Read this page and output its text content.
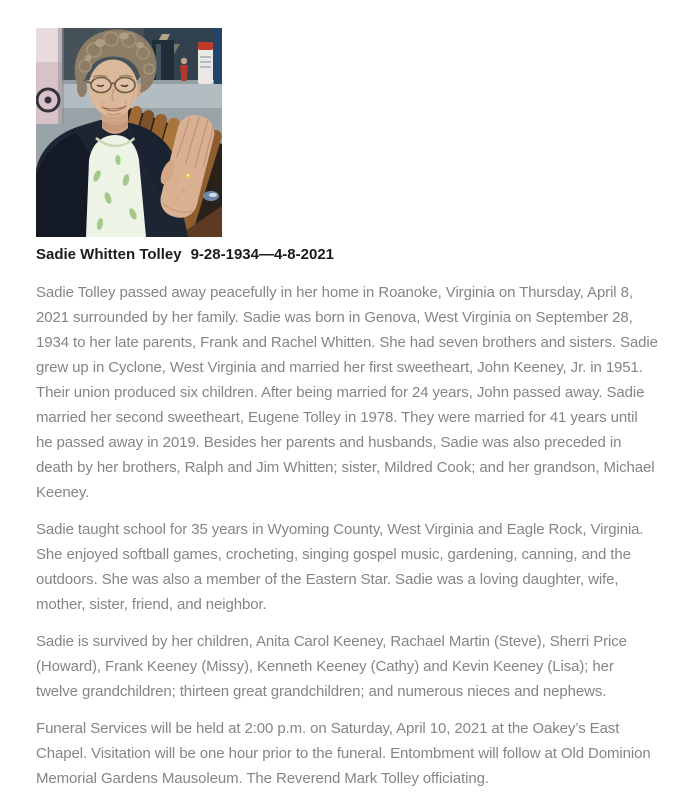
Sadie Whitten Tolley 9-28-1934—4-8-2021

Sadie Tolley passed away peacefully in her home in Roanoke, Virginia on Thursday, April 8, 2021 surrounded by her family. Sadie was born in Genova, West Virginia on September 28, 1934 to her late parents, Frank and Rachel Whitten. She had seven brothers and sisters. Sadie grew up in Cyclone, West Virginia and married her first sweetheart, John Keeney, Jr. in 1951. Their union produced six children. After being married for 24 years, John passed away. Sadie married her second sweetheart, Eugene Tolley in 1978. They were married for 41 years until he passed away in 2019. Besides her parents and husbands, Sadie was also preceded in death by her brothers, Ralph and Jim Whitten; sister, Mildred Cook; and her grandson, Michael Keeney.

Sadie taught school for 35 years in Wyoming County, West Virginia and Eagle Rock, Virginia. She enjoyed softball games, crocheting, singing gospel music, gardening, canning, and the outdoors. She was also a member of the Eastern Star. Sadie was a loving daughter, wife, mother, sister, friend, and neighbor.

Sadie is survived by her children, Anita Carol Keeney, Rachael Martin (Steve), Sherri Price (Howard), Frank Keeney (Missy), Kenneth Keeney (Cathy) and Kevin Keeney (Lisa); her twelve grandchildren; thirteen great grandchildren; and numerous nieces and nephews.

Funeral Services will be held at 2:00 p.m. on Saturday, April 10, 2021 at the Oakey’s East Chapel. Visitation will be one hour prior to the funeral. Entombment will follow at Old Dominion Memorial Gardens Mausoleum. The Reverend Mark Tolley officiating.
